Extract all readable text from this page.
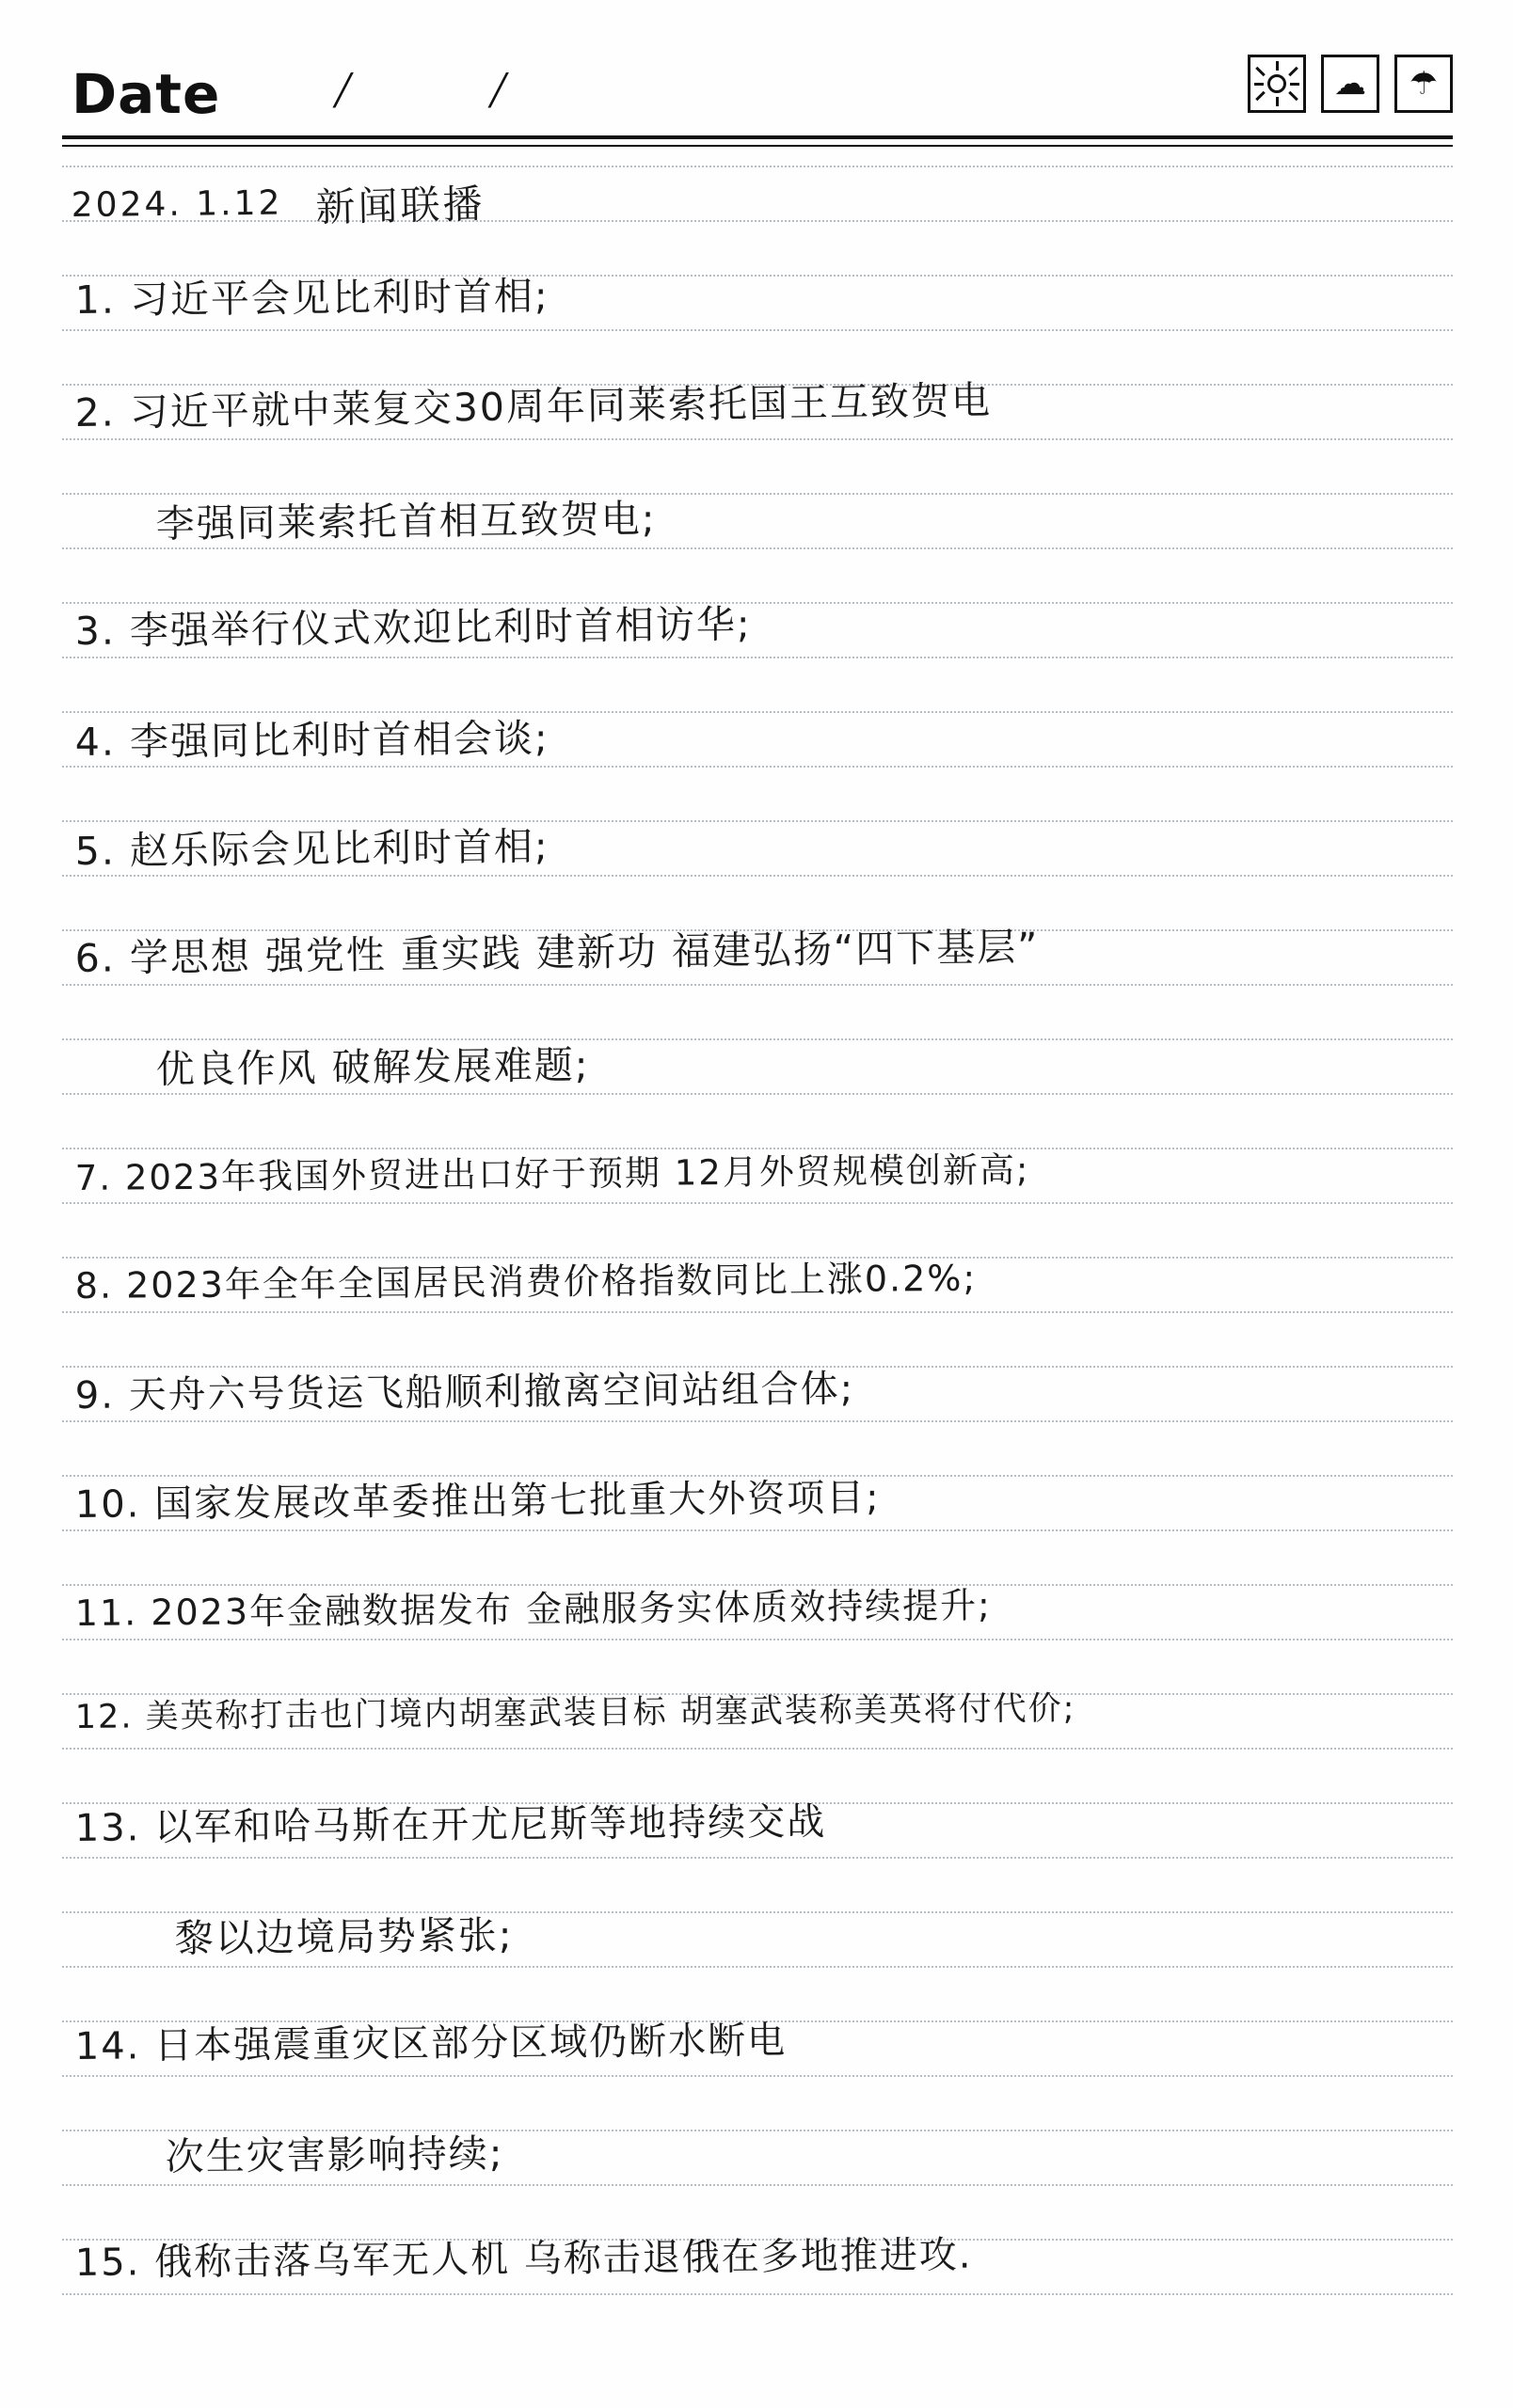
Date /	/	☁	☂
2024. 1.12 新闻联播
1. 习近平会见比利时首相;
2. 习近平就中莱复交30周年同莱索托国王互致贺电
李强同莱索托首相互致贺电;
3. 李强举行仪式欢迎比利时首相访华;
4. 李强同比利时首相会谈;
5. 赵乐际会见比利时首相;
6. 学思想 强党性 重实践 建新功 福建弘扬“四下基层”
优良作风 破解发展难题;
7. 2023年我国外贸进出口好于预期 12月外贸规模创新高;
8. 2023年全年全国居民消费价格指数同比上涨0.2%;
9. 天舟六号货运飞船顺利撤离空间站组合体;
10. 国家发展改革委推出第七批重大外资项目;
11. 2023年金融数据发布 金融服务实体质效持续提升;
12. 美英称打击也门境内胡塞武装目标 胡塞武装称美英将付代价;
13. 以军和哈马斯在开尤尼斯等地持续交战
黎以边境局势紧张;
14. 日本强震重灾区部分区域仍断水断电
次生灾害影响持续;
15. 俄称击落乌军无人机 乌称击退俄在多地推进攻.
